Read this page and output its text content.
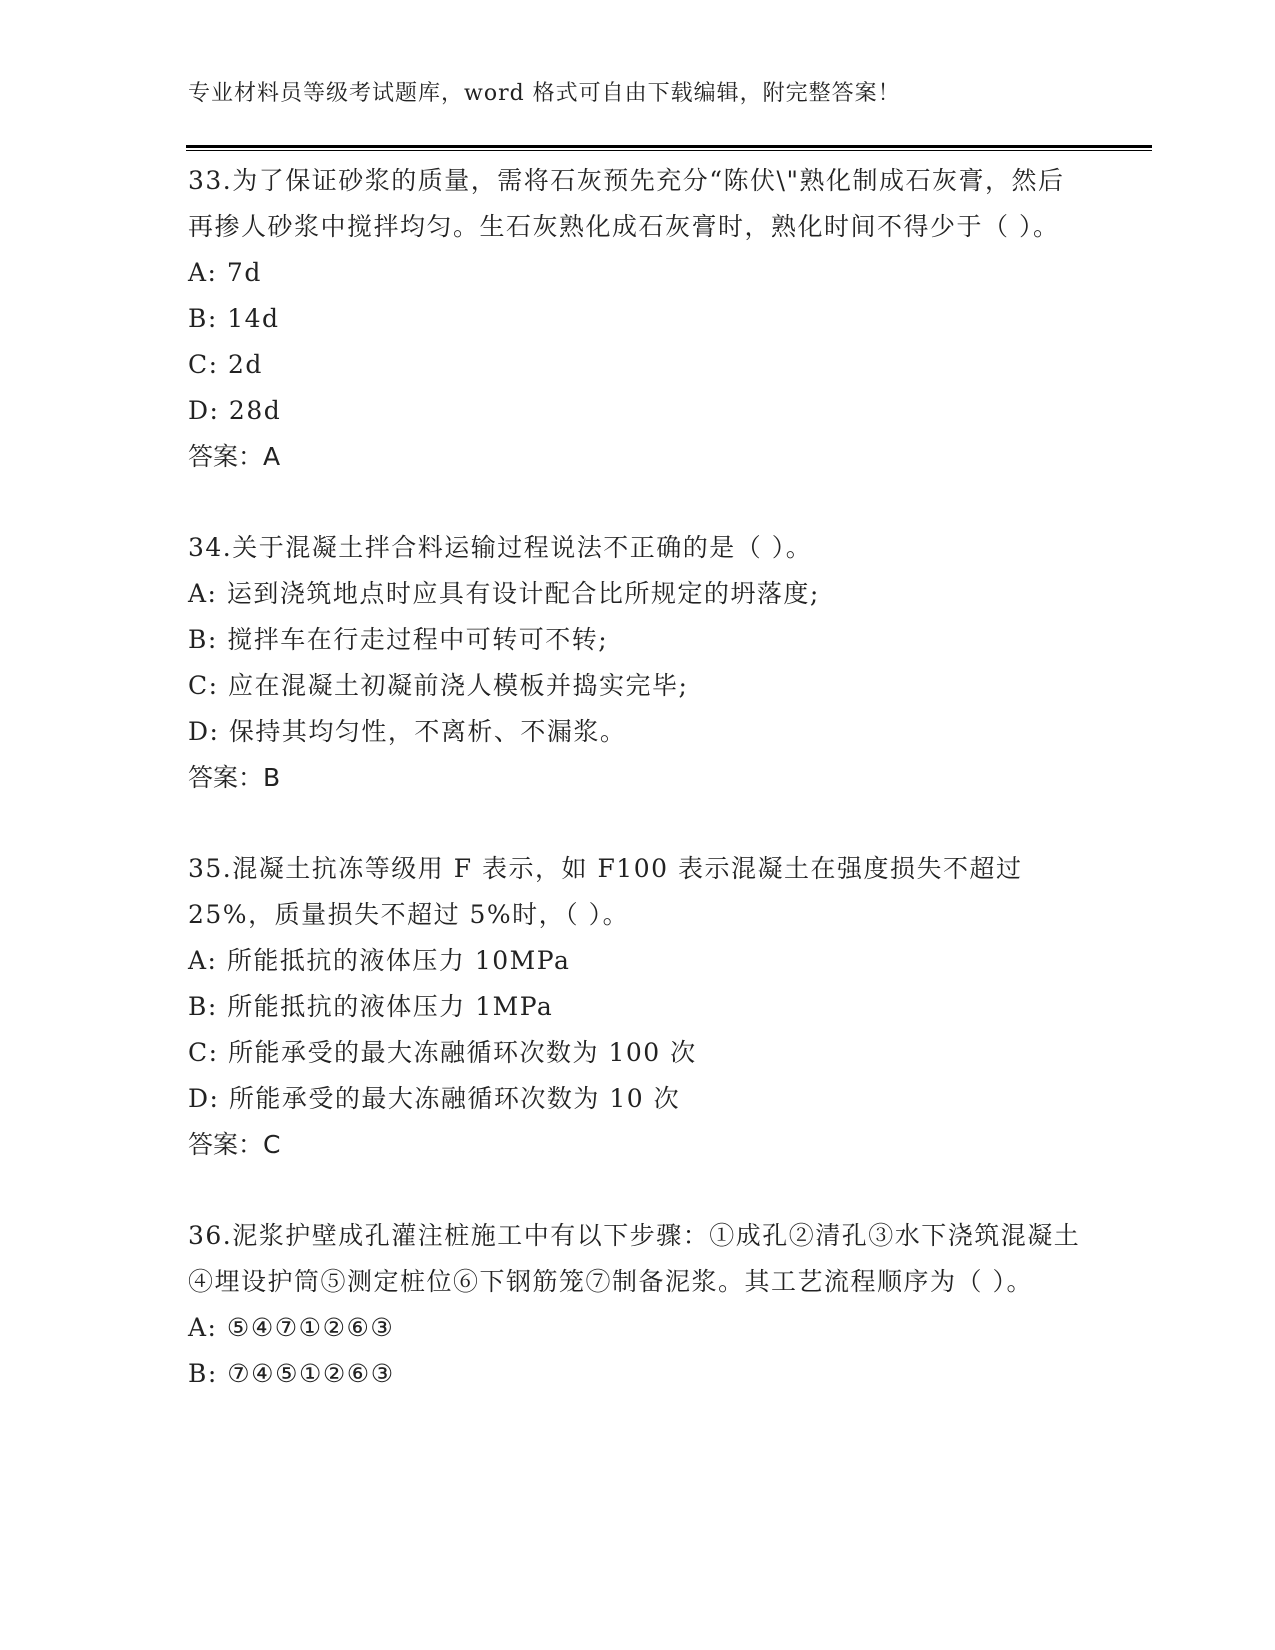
专业材料员等级考试题库，word 格式可自由下载编辑，附完整答案！

33.为了保证砂浆的质量，需将石灰预先充分“陈伏\"熟化制成石灰膏，然后再掺人砂浆中搅拌均匀。生石灰熟化成石灰膏时，熟化时间不得少于（ ）。

A: 7d

B: 14d

C: 2d

D: 28d

答案：A

34.关于混凝土拌合料运输过程说法不正确的是（ ）。

A: 运到浇筑地点时应具有设计配合比所规定的坍落度;

B: 搅拌车在行走过程中可转可不转;

C: 应在混凝土初凝前浇人模板并捣实完毕;

D: 保持其均匀性，不离析、不漏浆。

答案：B

35.混凝土抗冻等级用 F 表示，如 F100 表示混凝土在强度损失不超过 25%，质量损失不超过 5%时，（ ）。

A: 所能抵抗的液体压力 10MPa

B: 所能抵抗的液体压力 1MPa

C: 所能承受的最大冻融循环次数为 100 次

D: 所能承受的最大冻融循环次数为 10 次

答案：C

36.泥浆护壁成孔灌注桩施工中有以下步骤：①成孔②清孔③水下浇筑混凝土④埋设护筒⑤测定桩位⑥下钢筋笼⑦制备泥浆。其工艺流程顺序为（ ）。

A: ⑤④⑦①②⑥③

B: ⑦④⑤①②⑥③
